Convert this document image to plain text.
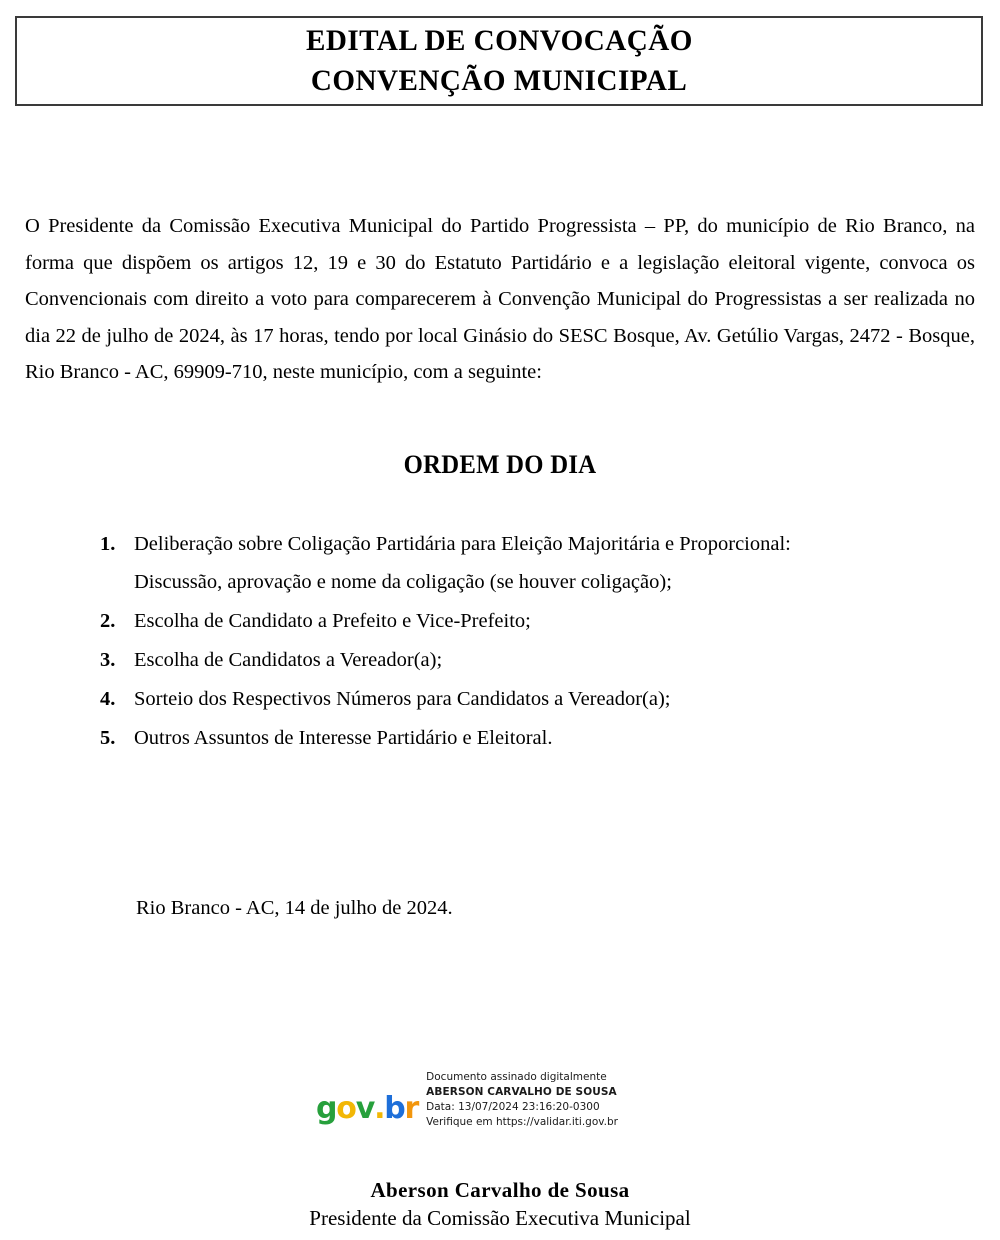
EDITAL DE CONVOCAÇÃO
CONVENÇÃO MUNICIPAL
O Presidente da Comissão Executiva Municipal do Partido Progressista – PP, do município de Rio Branco, na forma que dispõem os artigos 12, 19 e 30 do Estatuto Partidário e a legislação eleitoral vigente, convoca os Convencionais com direito a voto para comparecerem à Convenção Municipal do Progressistas a ser realizada no dia 22 de julho de 2024, às 17 horas, tendo por local Ginásio do SESC Bosque, Av. Getúlio Vargas, 2472 - Bosque, Rio Branco - AC, 69909-710, neste município, com a seguinte:
ORDEM DO DIA
1. Deliberação sobre Coligação Partidária para Eleição Majoritária e Proporcional:
Discussão, aprovação e nome da coligação (se houver coligação);
2. Escolha de Candidato a Prefeito e Vice-Prefeito;
3. Escolha de Candidatos a Vereador(a);
4. Sorteio dos Respectivos Números para Candidatos a Vereador(a);
5. Outros Assuntos de Interesse Partidário e Eleitoral.
Rio Branco - AC, 14 de julho de 2024.
g o v . b r
Documento assinado digitalmente
ABERSON CARVALHO DE SOUSA
Data: 13/07/2024 23:16:20-0300
Verifique em https://validar.iti.gov.br
Aberson Carvalho de Sousa
Presidente da Comissão Executiva Municipal
